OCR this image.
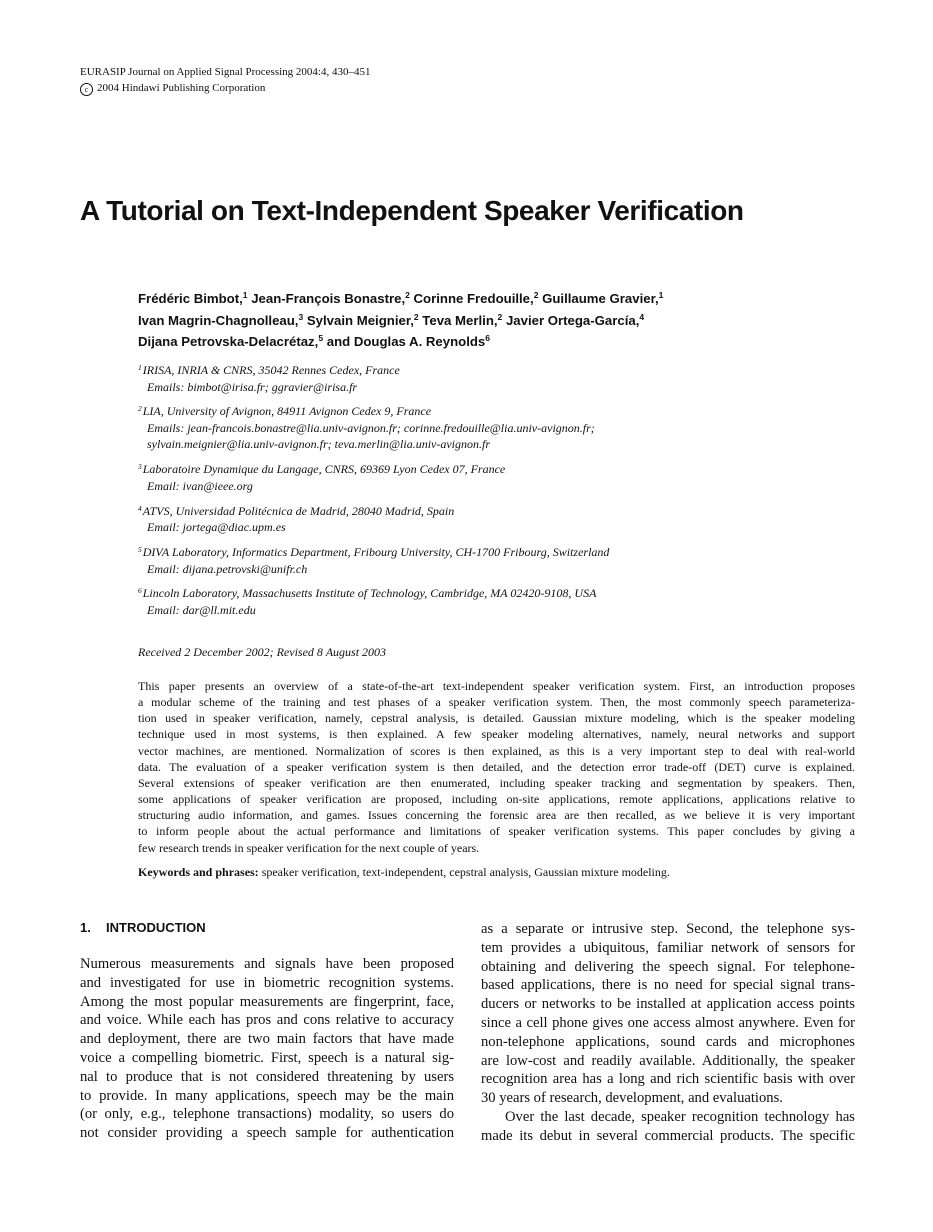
EURASIP Journal on Applied Signal Processing 2004:4, 430–451
c 2004 Hindawi Publishing Corporation
A Tutorial on Text-Independent Speaker Verification
Frédéric Bimbot,$^1$ Jean-François Bonastre,$^2$ Corinne Fredouille,$^2$ Guillaume Gravier,$^1$
Ivan Magrin-Chagnolleau,$^3$ Sylvain Meignier,$^2$ Teva Merlin,$^2$ Javier Ortega-García,$^4$
Dijana Petrovska-Delacrétaz,$^5$ and Douglas A. Reynolds$^6$
$^1$IRISA, INRIA & CNRS, 35042 Rennes Cedex, France
Emails: bimbot@irisa.fr; ggravier@irisa.fr
$^2$LIA, University of Avignon, 84911 Avignon Cedex 9, France
Emails: jean-francois.bonastre@lia.univ-avignon.fr; corinne.fredouille@lia.univ-avignon.fr;
sylvain.meignier@lia.univ-avignon.fr; teva.merlin@lia.univ-avignon.fr
$^3$Laboratoire Dynamique du Langage, CNRS, 69369 Lyon Cedex 07, France
Email: ivan@ieee.org
$^4$ATVS, Universidad Politécnica de Madrid, 28040 Madrid, Spain
Email: jortega@diac.upm.es
$^5$DIVA Laboratory, Informatics Department, Fribourg University, CH-1700 Fribourg, Switzerland
Email: dijana.petrovski@unifr.ch
$^6$Lincoln Laboratory, Massachusetts Institute of Technology, Cambridge, MA 02420-9108, USA
Email: dar@ll.mit.edu
Received 2 December 2002; Revised 8 August 2003
This paper presents an overview of a state-of-the-art text-independent speaker verification system. First, an introduction proposes
a modular scheme of the training and test phases of a speaker verification system. Then, the most commonly speech parameteriza-
tion used in speaker verification, namely, cepstral analysis, is detailed. Gaussian mixture modeling, which is the speaker modeling
technique used in most systems, is then explained. A few speaker modeling alternatives, namely, neural networks and support
vector machines, are mentioned. Normalization of scores is then explained, as this is a very important step to deal with real-world
data. The evaluation of a speaker verification system is then detailed, and the detection error trade-off (DET) curve is explained.
Several extensions of speaker verification are then enumerated, including speaker tracking and segmentation by speakers. Then,
some applications of speaker verification are proposed, including on-site applications, remote applications, applications relative to
structuring audio information, and games. Issues concerning the forensic area are then recalled, as we believe it is very important
to inform people about the actual performance and limitations of speaker verification systems. This paper concludes by giving a
few research trends in speaker verification for the next couple of years.
Keywords and phrases: speaker verification, text-independent, cepstral analysis, Gaussian mixture modeling.
1. INTRODUCTION
Numerous measurements and signals have been proposed
and investigated for use in biometric recognition systems.
Among the most popular measurements are fingerprint, face,
and voice. While each has pros and cons relative to accuracy
and deployment, there are two main factors that have made
voice a compelling biometric. First, speech is a natural sig-
nal to produce that is not considered threatening by users
to provide. In many applications, speech may be the main
(or only, e.g., telephone transactions) modality, so users do
not consider providing a speech sample for authentication
as a separate or intrusive step. Second, the telephone sys-
tem provides a ubiquitous, familiar network of sensors for
obtaining and delivering the speech signal. For telephone-
based applications, there is no need for special signal trans-
ducers or networks to be installed at application access points
since a cell phone gives one access almost anywhere. Even for
non-telephone applications, sound cards and microphones
are low-cost and readily available. Additionally, the speaker
recognition area has a long and rich scientific basis with over
30 years of research, development, and evaluations.
Over the last decade, speaker recognition technology has
made its debut in several commercial products. The specific
